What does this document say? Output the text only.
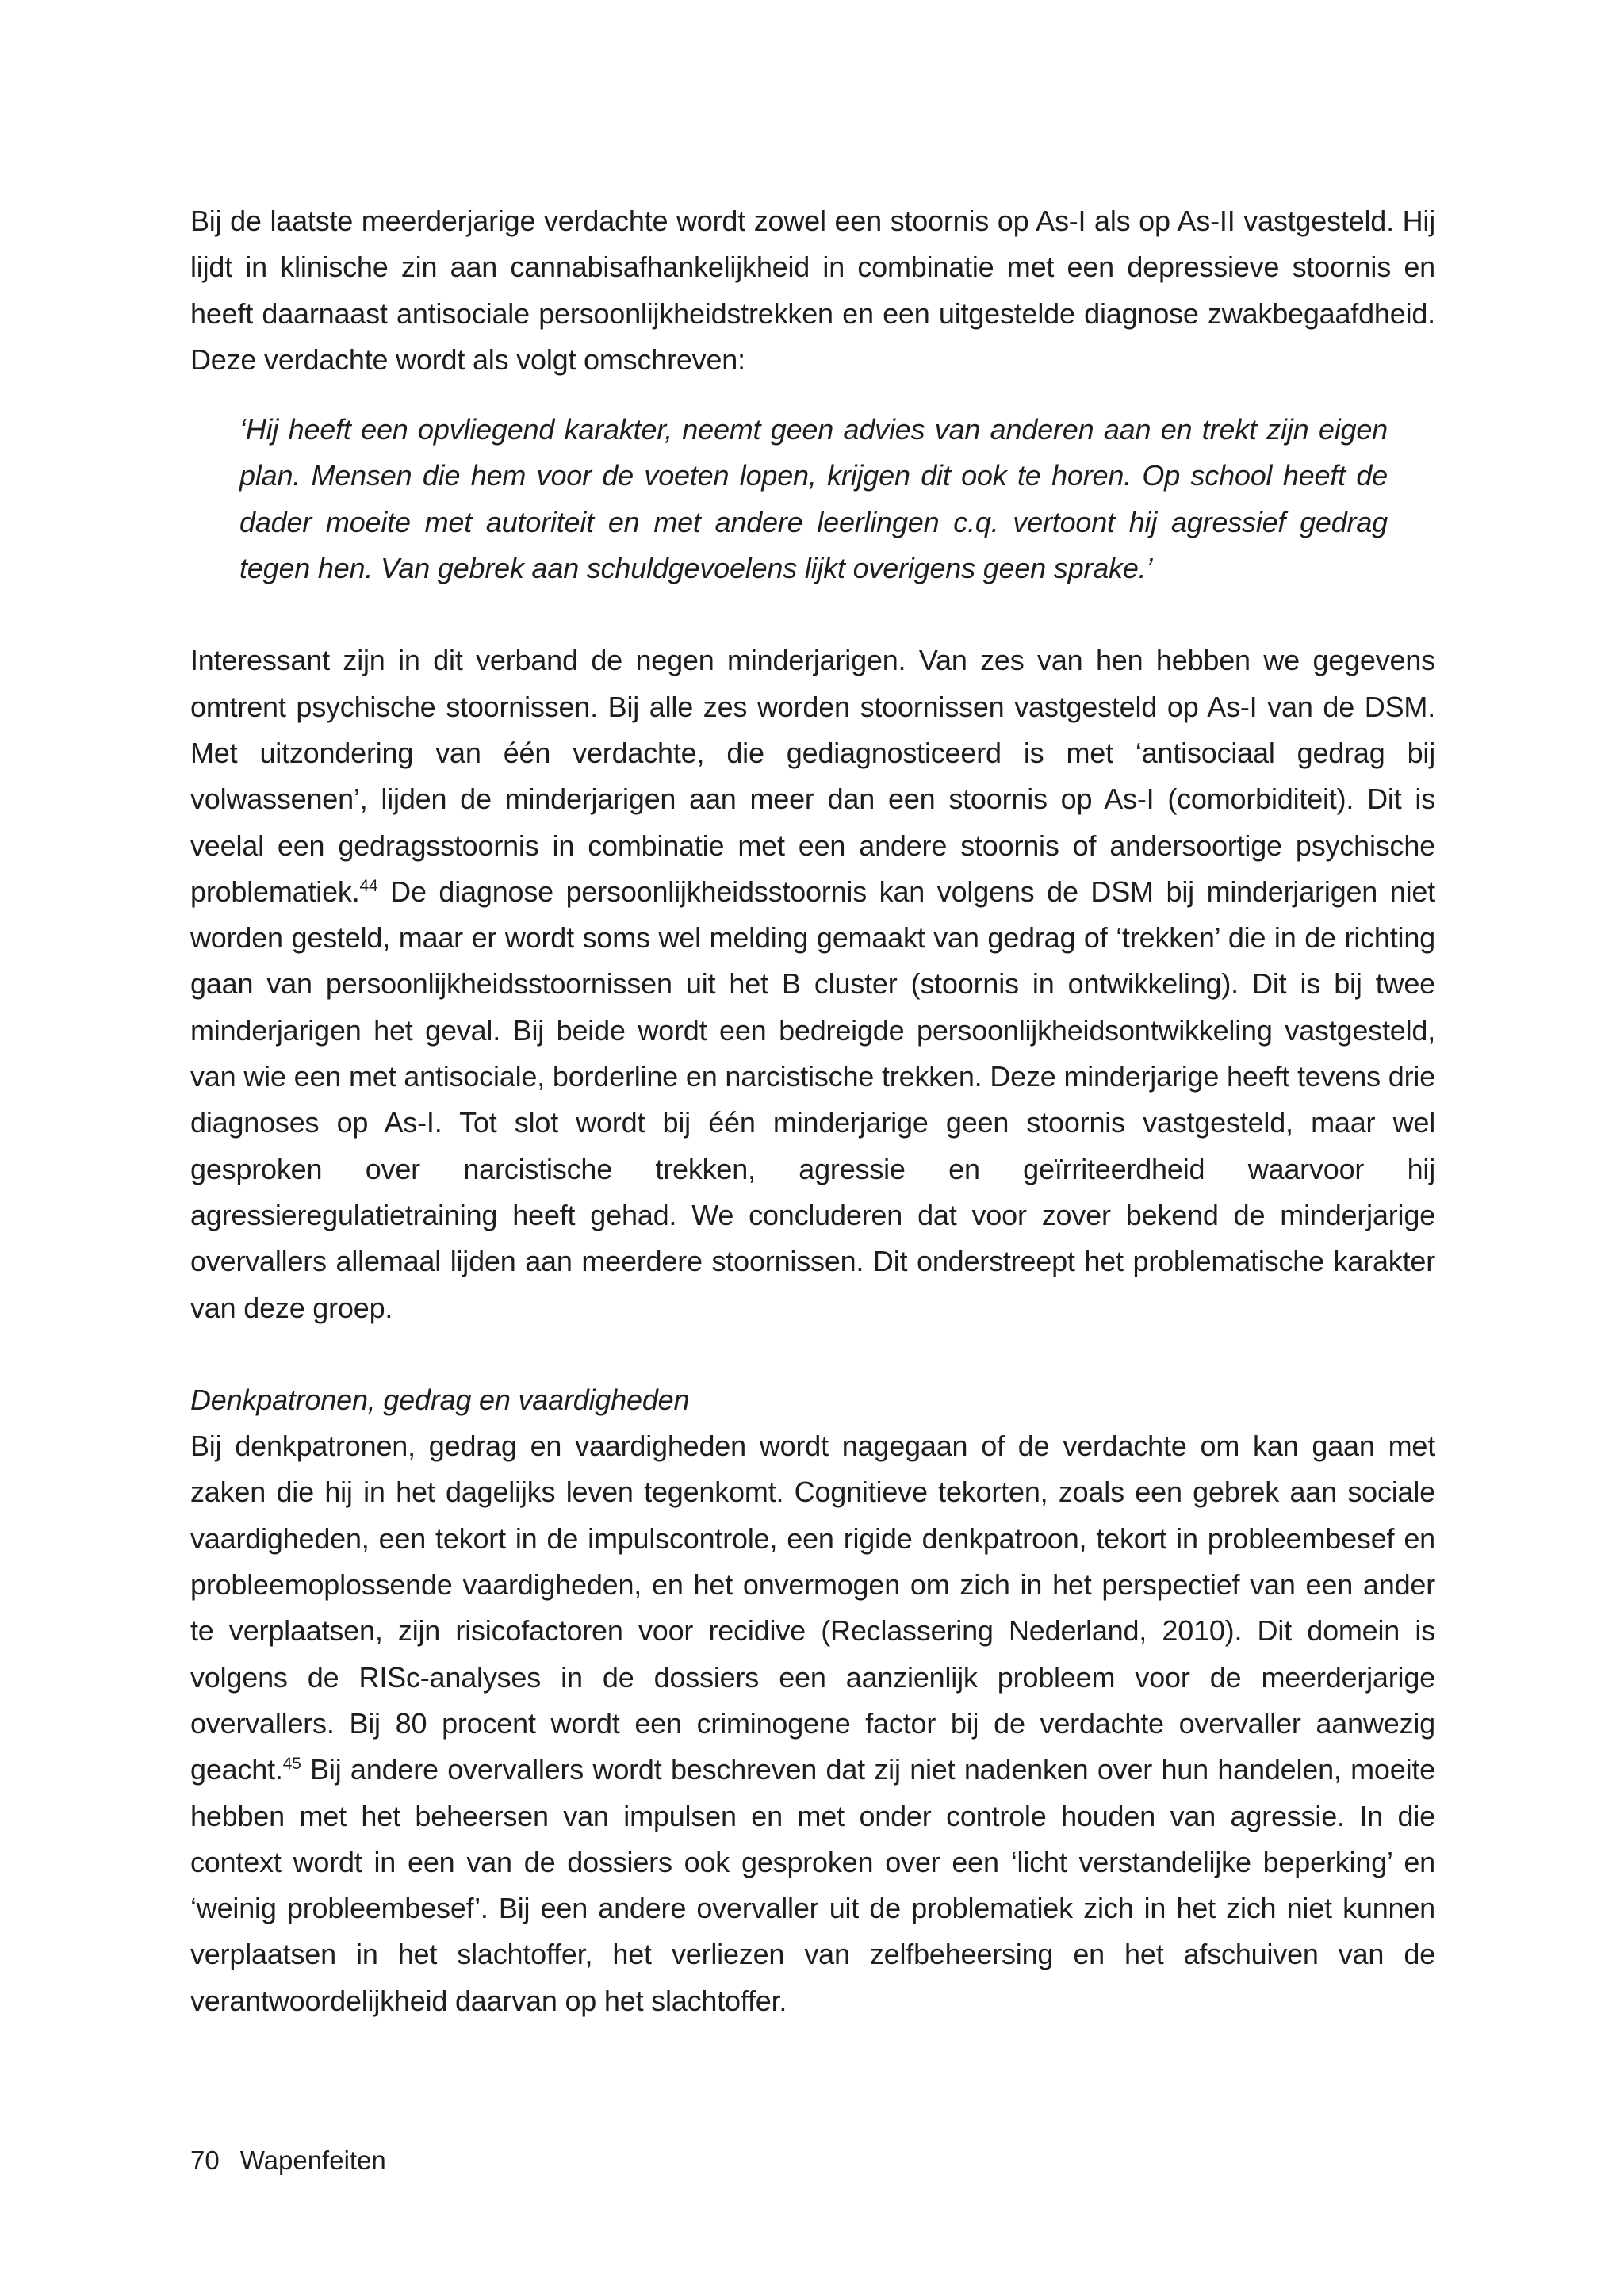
Bij de laatste meerderjarige verdachte wordt zowel een stoornis op As-I als op As-II vastgesteld. Hij lijdt in klinische zin aan cannabisafhankelijkheid in combinatie met een depressieve stoornis en heeft daarnaast antisociale persoonlijkheidstrekken en een uitgestelde diagnose zwakbegaafdheid. Deze verdachte wordt als volgt omschreven:

‘Hij heeft een opvliegend karakter, neemt geen advies van anderen aan en trekt zijn eigen plan. Mensen die hem voor de voeten lopen, krijgen dit ook te horen. Op school heeft de dader moeite met autoriteit en met andere leerlingen c.q. vertoont hij agressief gedrag tegen hen. Van gebrek aan schuldgevoelens lijkt overigens geen sprake.’

Interessant zijn in dit verband de negen minderjarigen. Van zes van hen hebben we gegevens omtrent psychische stoornissen. Bij alle zes worden stoornissen vastgesteld op As-I van de DSM. Met uitzondering van één verdachte, die gediagnosticeerd is met ‘antisociaal gedrag bij volwassenen’, lijden de minderjarigen aan meer dan een stoornis op As-I (comorbiditeit). Dit is veelal een gedragsstoornis in combinatie met een andere stoornis of andersoortige psychische problematiek.$^{44}$ De diagnose persoonlijkheidsstoornis kan volgens de DSM bij minderjarigen niet worden gesteld, maar er wordt soms wel melding gemaakt van gedrag of ‘trekken’ die in de richting gaan van persoonlijkheidsstoornissen uit het B cluster (stoornis in ontwikkeling). Dit is bij twee minderjarigen het geval. Bij beide wordt een bedreigde persoonlijkheidsontwikkeling vastgesteld, van wie een met antisociale, borderline en narcistische trekken. Deze minderjarige heeft tevens drie diagnoses op As-I. Tot slot wordt bij één minderjarige geen stoornis vastgesteld, maar wel gesproken over narcistische trekken, agressie en geïrriteerdheid waarvoor hij agressieregulatietraining heeft gehad. We concluderen dat voor zover bekend de minderjarige overvallers allemaal lijden aan meerdere stoornissen. Dit onderstreept het problematische karakter van deze groep.

Denkpatronen, gedrag en vaardigheden

Bij denkpatronen, gedrag en vaardigheden wordt nagegaan of de verdachte om kan gaan met zaken die hij in het dagelijks leven tegenkomt. Cognitieve tekorten, zoals een gebrek aan sociale vaardigheden, een tekort in de impulscontrole, een rigide denkpatroon, tekort in probleembesef en probleemoplossende vaardigheden, en het onvermogen om zich in het perspectief van een ander te verplaatsen, zijn risicofactoren voor recidive (Reclassering Nederland, 2010). Dit domein is volgens de RISc-analyses in de dossiers een aanzienlijk probleem voor de meerderjarige overvallers. Bij 80 procent wordt een criminogene factor bij de verdachte overvaller aanwezig geacht.$^{45}$ Bij andere overvallers wordt beschreven dat zij niet nadenken over hun handelen, moeite hebben met het beheersen van impulsen en met onder controle houden van agressie. In die context wordt in een van de dossiers ook gesproken over een ‘licht verstandelijke beperking’ en ‘weinig probleembesef’. Bij een andere overvaller uit de problematiek zich in het zich niet kunnen verplaatsen in het slachtoffer, het verliezen van zelfbeheersing en het afschuiven van de verantwoordelijkheid daarvan op het slachtoffer.

70 Wapenfeiten
